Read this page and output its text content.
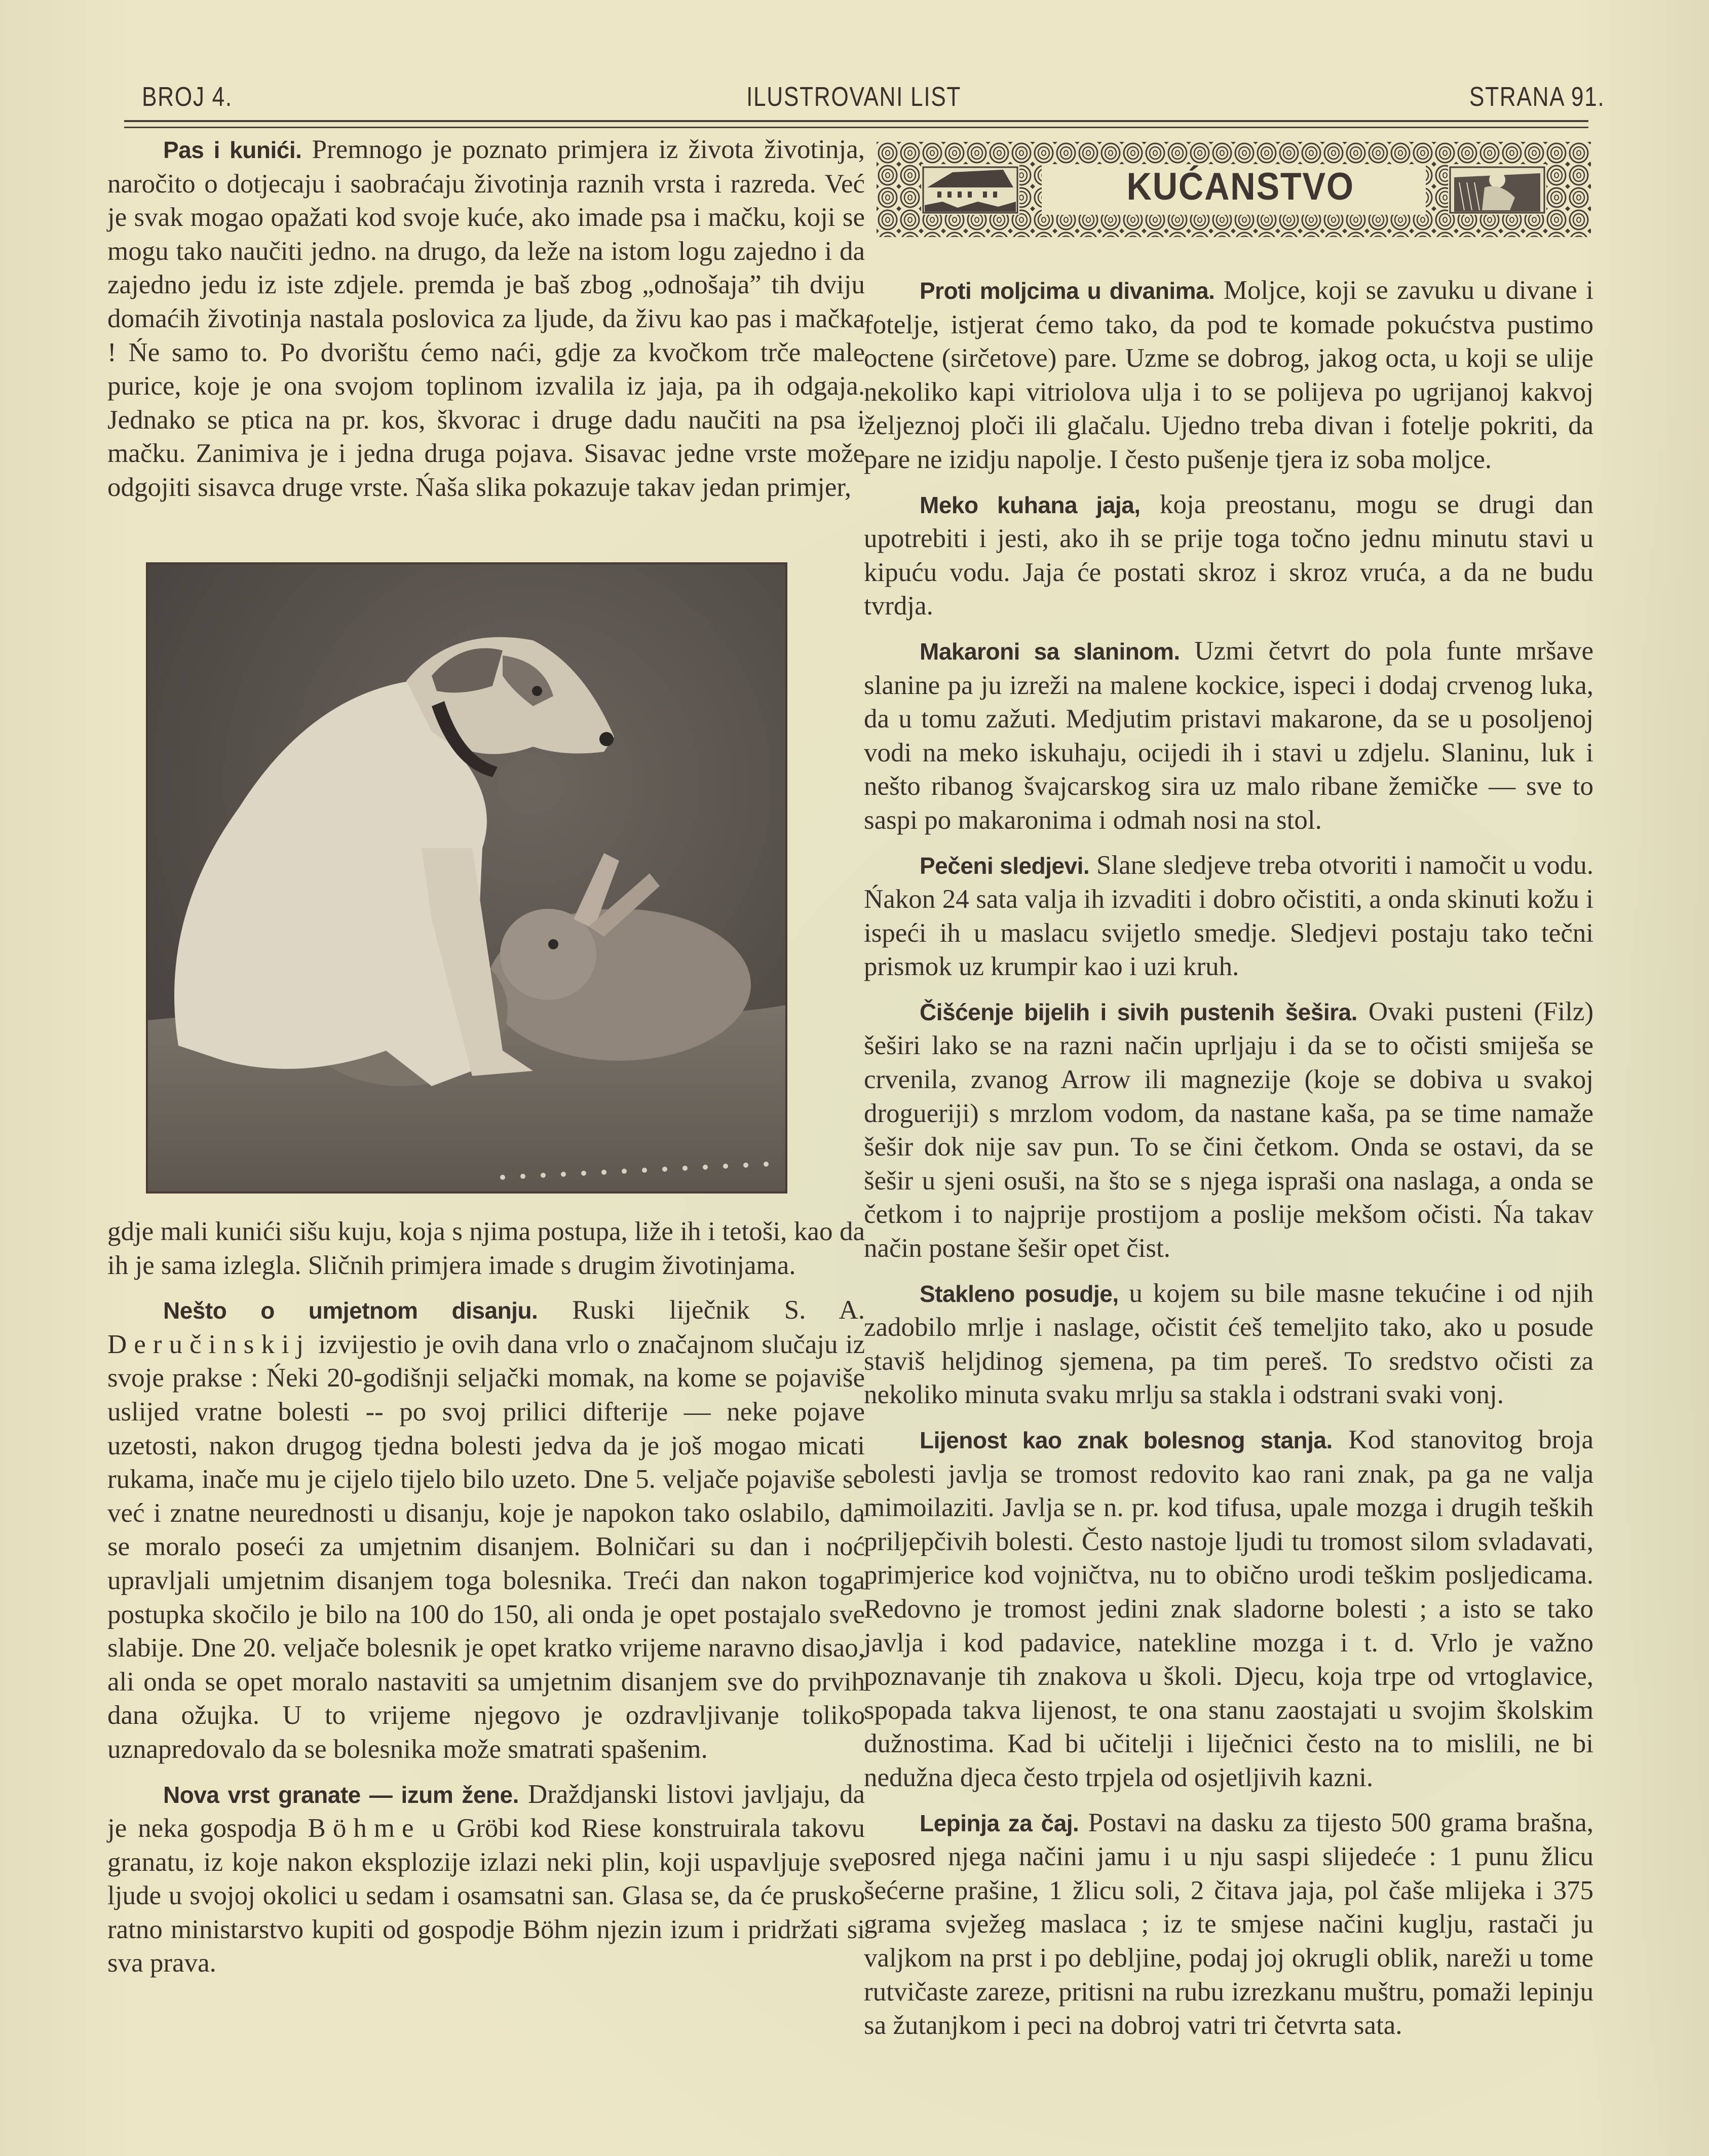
BROJ 4.	ILUSTROVANI LIST	STRANA 91.

Pas i kunići. Premnogo je poznato primjera iz života životinja, naročito o dotjecaju i saobraćaju životinja raznih vrsta i razreda. Već je svak mogao opažati kod svoje kuće, ako imade psa i mačku, koji se mogu tako naučiti jedno. na drugo, da leže na istom logu zajedno i da zajedno jedu iz iste zdjele. premda je baš zbog „odnošaja” tih dviju domaćih životinja nastala poslovica za ljude, da živu kao pas i mačka ! Ńe samo to. Po dvorištu ćemo naći, gdje za kvočkom trče male purice, koje je ona svojom toplinom izvalila iz jaja, pa ih odgaja. Jednako se ptica na pr. kos, škvorac i druge dadu naučiti na psa i mačku. Zanimiva je i jedna druga pojava. Sisavac jedne vrste može odgojiti sisavca druge vrste. Ńaša slika pokazuje takav jedan primjer,

gdje mali kunići sišu kuju, koja s njima postupa, liže ih i tetoši, kao da ih je sama izlegla. Sličnih primjera imade s drugim životinjama.

Nešto o umjetnom disanju. Ruski liječnik S. A. Deručinskij izvijestio je ovih dana vrlo o značajnom slučaju iz svoje prakse : Ńeki 20-godišnji seljački momak, na kome se pojaviše uslijed vratne bolesti -- po svoj prilici difterije — neke pojave uzetosti, nakon drugog tjedna bolesti jedva da je još mogao micati rukama, inače mu je cijelo tijelo bilo uzeto. Dne 5. veljače pojaviše se već i znatne neurednosti u disanju, koje je napokon tako oslabilo, da se moralo poseći za umjetnim disanjem. Bolničari su dan i noć upravljali umjetnim disanjem toga bolesnika. Treći dan nakon toga postupka skočilo je bilo na 100 do 150, ali onda je opet postajalo sve slabije. Dne 20. veljače bolesnik je opet kratko vrijeme naravno disao, ali onda se opet moralo nastaviti sa umjetnim disanjem sve do prvih dana ožujka. U to vrijeme njegovo je ozdravljivanje toliko uznapredovalo da se bolesnika može smatrati spašenim.

Nova vrst granate — izum žene. Draždjanski listovi javljaju, da je neka gospodja Böhme u Gröbi kod Riese konstruirala takovu granatu, iz koje nakon eksplozije izlazi neki plin, koji uspavljuje sve ljude u svojoj okolici u sedam i osamsatni san. Glasa se, da će prusko ratno ministarstvo kupiti od gospodje Böhm njezin izum i pridržati si sva prava.

KUĆANSTVO

Proti moljcima u divanima. Moljce, koji se zavuku u divane i fotelje, istjerat ćemo tako, da pod te komade pokućstva pustimo octene (sirčetove) pare. Uzme se dobrog, jakog octa, u koji se ulije nekoliko kapi vitriolova ulja i to se polijeva po ugrijanoj kakvoj željeznoj ploči ili glačalu. Ujedno treba divan i fotelje pokriti, da pare ne izidju napolje. I često pušenje tjera iz soba moljce.

Meko kuhana jaja, koja preostanu, mogu se drugi dan upotrebiti i jesti, ako ih se prije toga točno jednu minutu stavi u kipuću vodu. Jaja će postati skroz i skroz vruća, a da ne budu tvrdja.

Makaroni sa slaninom. Uzmi četvrt do pola funte mršave slanine pa ju izreži na malene kockice, ispeci i dodaj crvenog luka, da u tomu zažuti. Medjutim pristavi makarone, da se u posoljenoj vodi na meko iskuhaju, ocijedi ih i stavi u zdjelu. Slaninu, luk i nešto ribanog švajcarskog sira uz malo ribane žemičke — sve to saspi po makaronima i odmah nosi na stol.

Pečeni sledjevi. Slane sledjeve treba otvoriti i namočit u vodu. Ńakon 24 sata valja ih izvaditi i dobro očistiti, a onda skinuti kožu i ispeći ih u maslacu svijetlo smedje. Sledjevi postaju tako tečni prismok uz krumpir kao i uzi kruh.

Čišćenje bijelih i sivih pustenih šešira. Ovaki pusteni (Filz) šeširi lako se na razni način uprljaju i da se to očisti smiješa se crvenila, zvanog Arrow ili magnezije (koje se dobiva u svakoj drogueriji) s mrzlom vodom, da nastane kaša, pa se time namaže šešir dok nije sav pun. To se čini četkom. Onda se ostavi, da se šešir u sjeni osuši, na što se s njega ispraši ona naslaga, a onda se četkom i to najprije prostijom a poslije mekšom očisti. Ńa takav način postane šešir opet čist.

Stakleno posudje, u kojem su bile masne tekućine i od njih zadobilo mrlje i naslage, očistit ćeš temeljito tako, ako u posude staviš heljdinog sjemena, pa tim pereš. To sredstvo očisti za nekoliko minuta svaku mrlju sa stakla i odstrani svaki vonj.

Lijenost kao znak bolesnog stanja. Kod stanovitog broja bolesti javlja se tromost redovito kao rani znak, pa ga ne valja mimoilaziti. Javlja se n. pr. kod tifusa, upale mozga i drugih teških priljepčivih bolesti. Često nastoje ljudi tu tromost silom svladavati, primjerice kod vojničtva, nu to obično urodi teškim posljedicama. Redovno je tromost jedini znak sladorne bolesti ; a isto se tako javlja i kod padavice, natekline mozga i t. d. Vrlo je važno poznavanje tih znakova u školi. Djecu, koja trpe od vrtoglavice, spopada takva lijenost, te ona stanu zaostajati u svojim školskim dužnostima. Kad bi učitelji i liječnici često na to mislili, ne bi nedužna djeca često trpjela od osjetljivih kazni.

Lepinja za čaj. Postavi na dasku za tijesto 500 grama brašna, posred njega načini jamu i u nju saspi slijedeće : 1 punu žlicu šećerne prašine, 1 žlicu soli, 2 čitava jaja, pol čaše mlijeka i 375 grama svježeg maslaca ; iz te smjese načini kuglju, rastači ju valjkom na prst i po debljine, podaj joj okrugli oblik, nareži u tome rutvičaste zareze, pritisni na rubu izrezkanu muštru, pomaži lepinju sa žutanjkom i peci na dobroj vatri tri četvrta sata.
